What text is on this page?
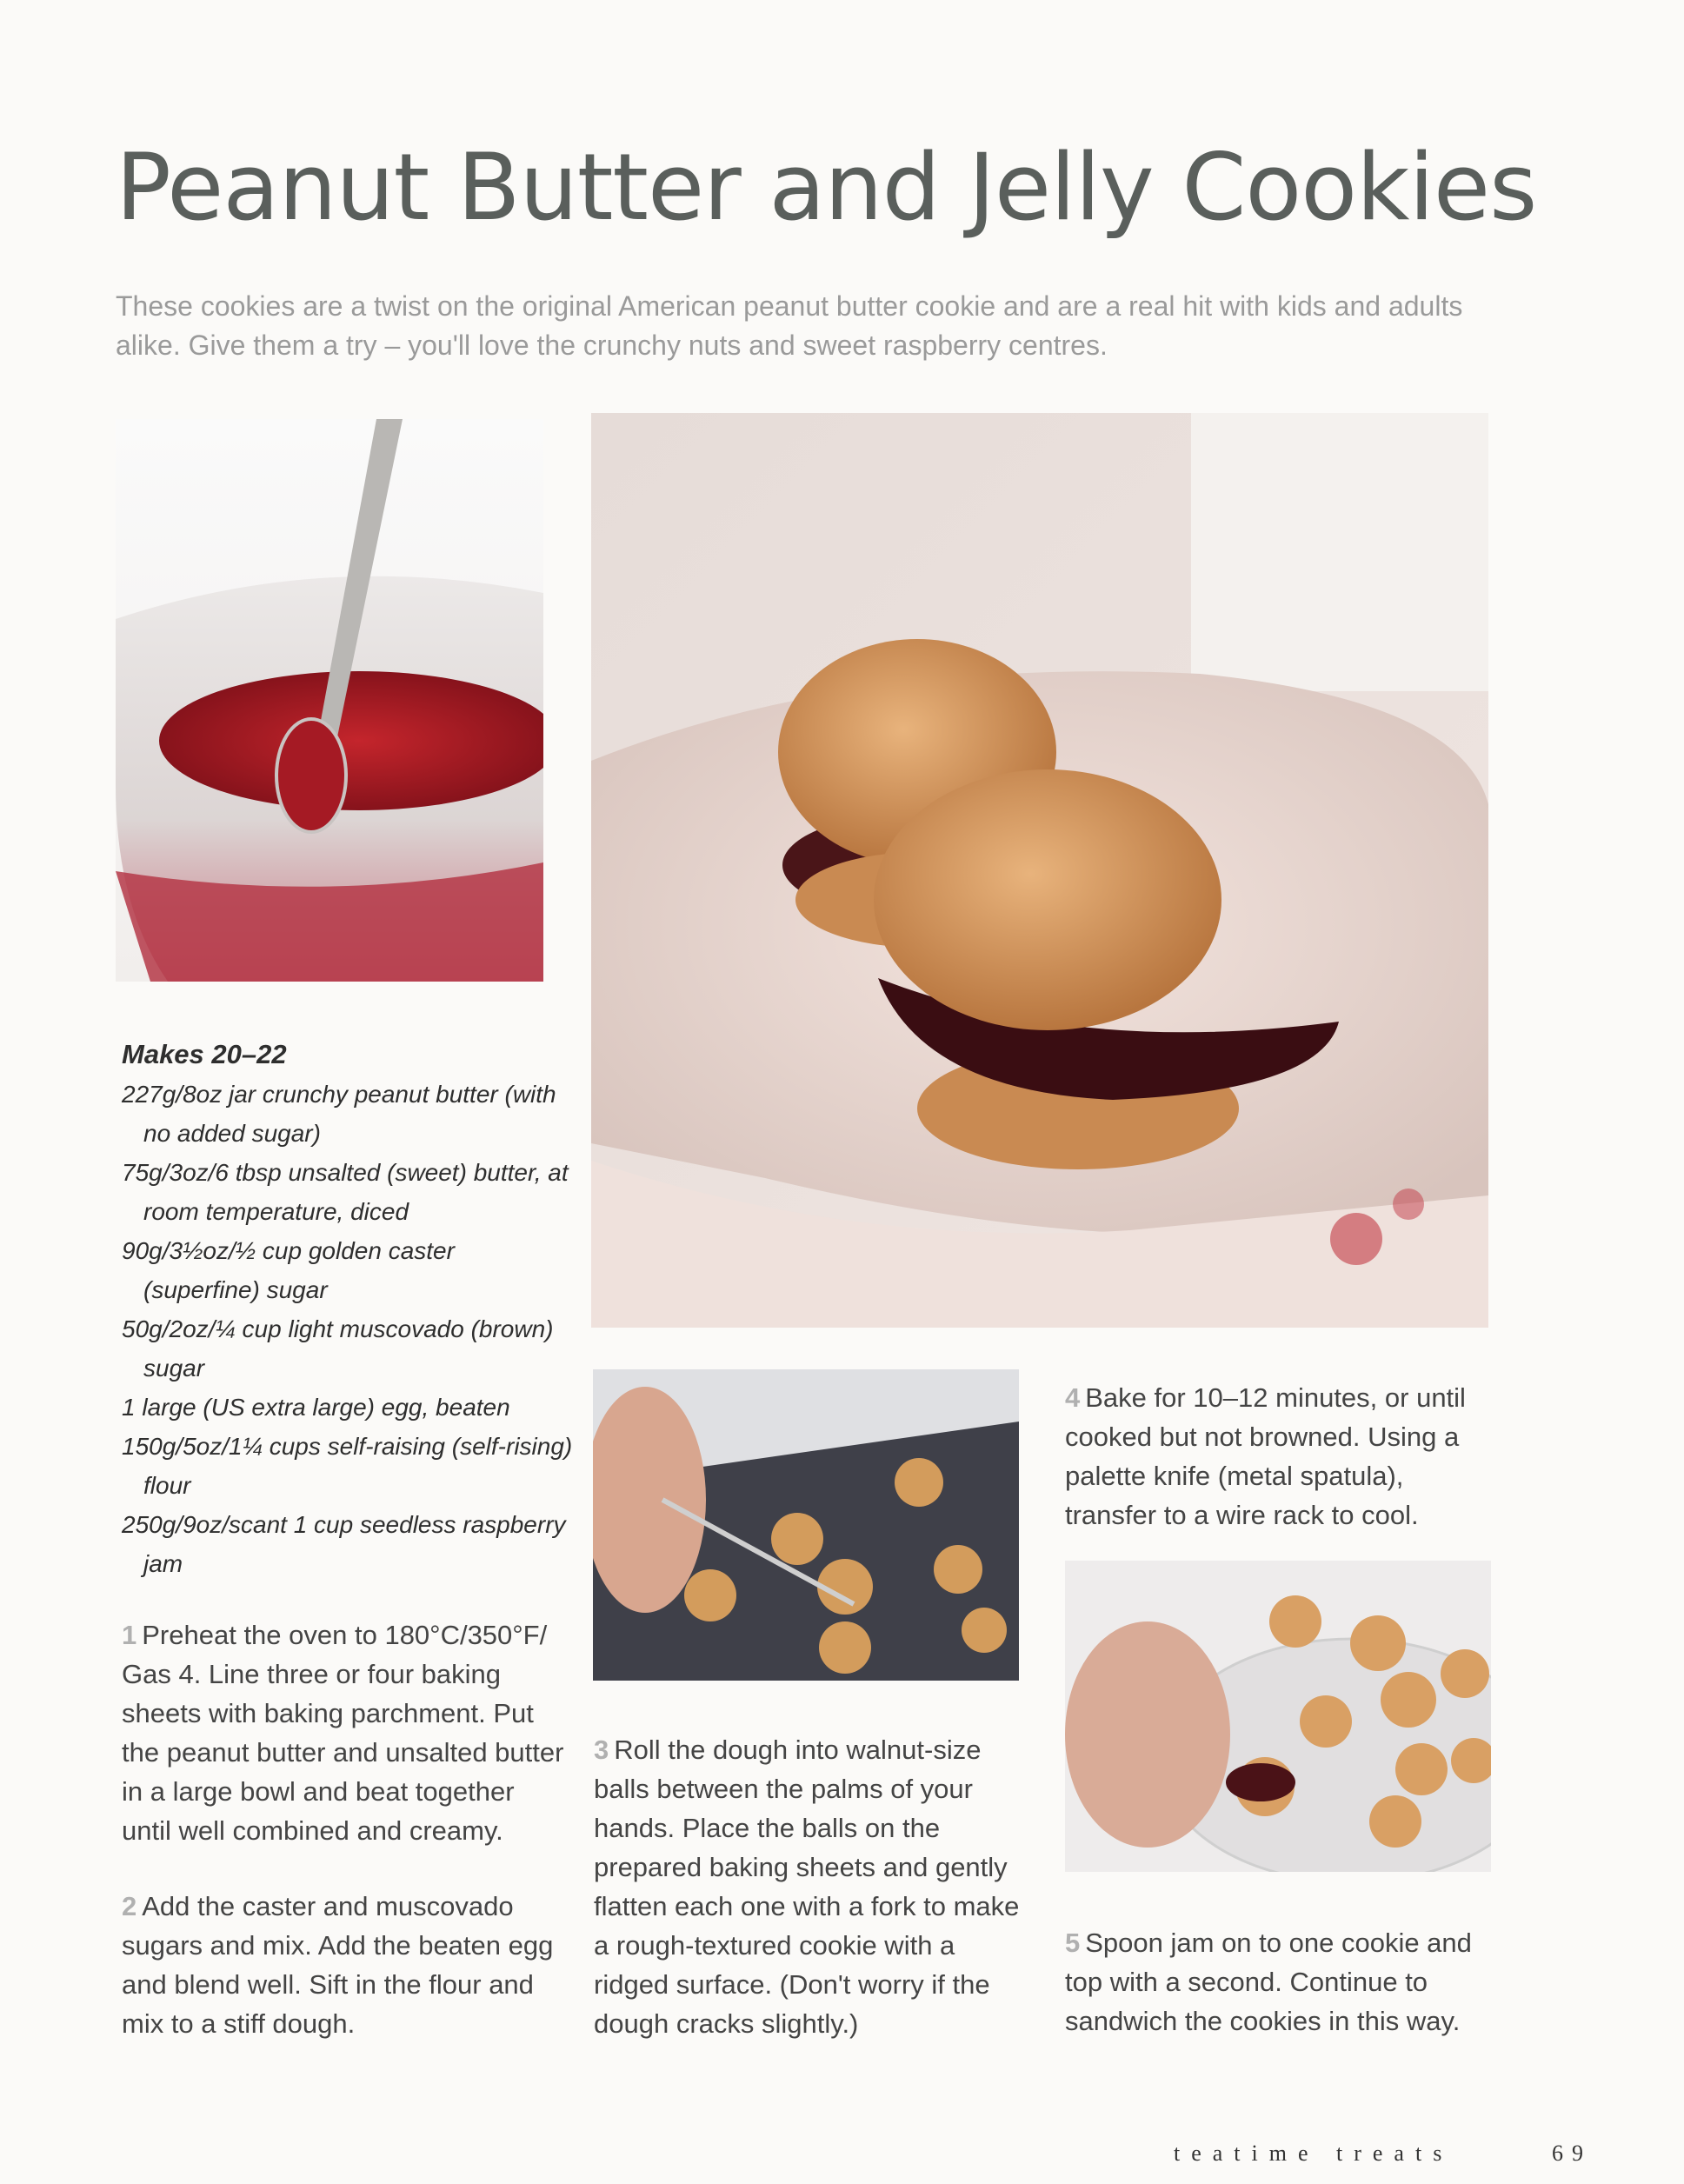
Peanut Butter and Jelly Cookies
These cookies are a twist on the original American peanut butter cookie and are a real hit with kids and adults alike. Give them a try – you'll love the crunchy nuts and sweet raspberry centres.
Makes 20–22

227g/8oz jar crunchy peanut butter (with no added sugar)

75g/3oz/6 tbsp unsalted (sweet) butter, at room temperature, diced

90g/3½oz/½ cup golden caster (superfine) sugar

50g/2oz/¼ cup light muscovado (brown) sugar

1 large (US extra large) egg, beaten

150g/5oz/1¼ cups self-raising (self-rising) flour

250g/9oz/scant 1 cup seedless raspberry jam

1 Preheat the oven to 180°C/350°F/ Gas 4. Line three or four baking sheets with baking parchment. Put the peanut butter and unsalted butter in a large bowl and beat together until well combined and creamy.
2 Add the caster and muscovado sugars and mix. Add the beaten egg and blend well. Sift in the flour and mix to a stiff dough.
3 Roll the dough into walnut-size balls between the palms of your hands. Place the balls on the prepared baking sheets and gently flatten each one with a fork to make a rough-textured cookie with a ridged surface. (Don't worry if the dough cracks slightly.)
4 Bake for 10–12 minutes, or until cooked but not browned. Using a palette knife (metal spatula), transfer to a wire rack to cool.
5 Spoon jam on to one cookie and top with a second. Continue to sandwich the cookies in this way.
teatime treats	69
